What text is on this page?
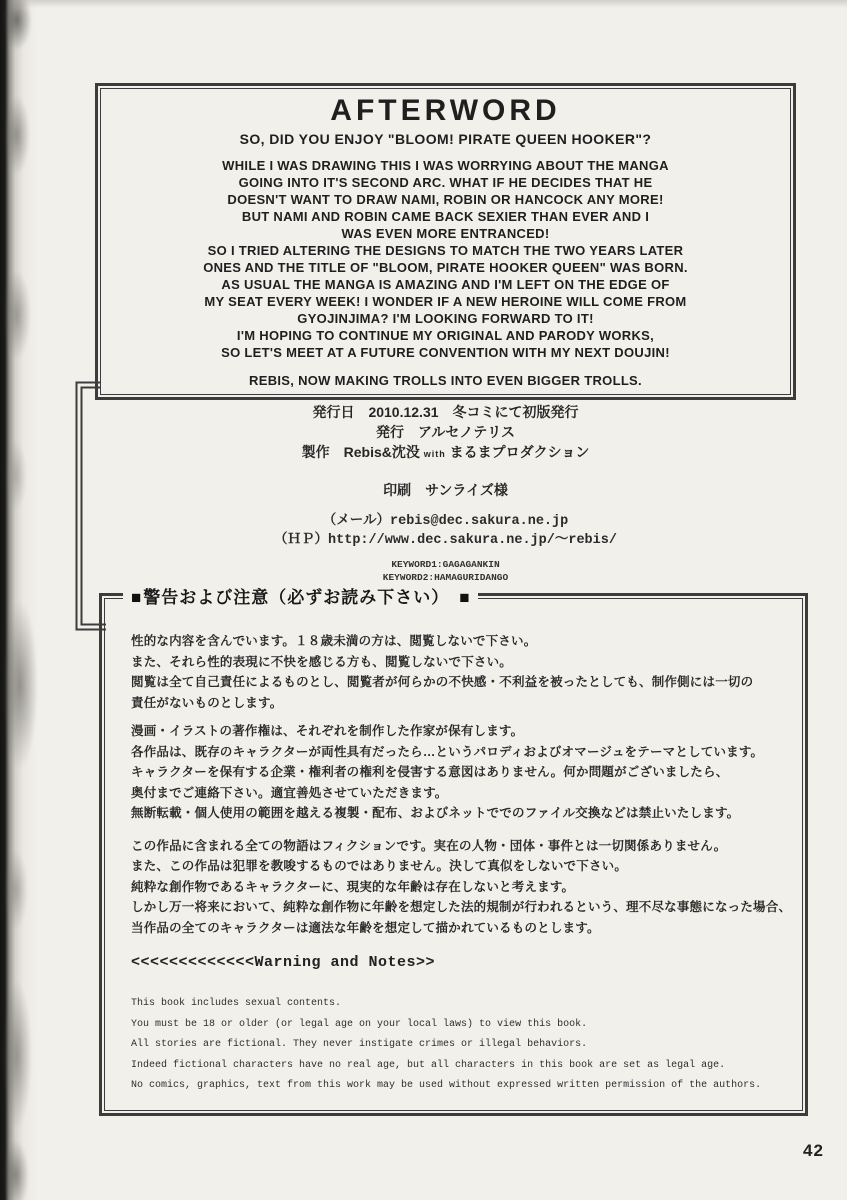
AFTERWORD
SO, DID YOU ENJOY "BLOOM! PIRATE QUEEN HOOKER"?
WHILE I WAS DRAWING THIS I WAS WORRYING ABOUT THE MANGA
GOING INTO IT'S SECOND ARC. WHAT IF HE DECIDES THAT HE
DOESN'T WANT TO DRAW NAMI, ROBIN OR HANCOCK ANY MORE!
BUT NAMI AND ROBIN CAME BACK SEXIER THAN EVER AND I
WAS EVEN MORE ENTRANCED!
SO I TRIED ALTERING THE DESIGNS TO MATCH THE TWO YEARS LATER
ONES AND THE TITLE OF "BLOOM, PIRATE HOOKER QUEEN" WAS BORN.
AS USUAL THE MANGA IS AMAZING AND I'M LEFT ON THE EDGE OF
MY SEAT EVERY WEEK! I WONDER IF A NEW HEROINE WILL COME FROM
GYOJINJIMA? I'M LOOKING FORWARD TO IT!
I'M HOPING TO CONTINUE MY ORIGINAL AND PARODY WORKS,
SO LET'S MEET AT A FUTURE CONVENTION WITH MY NEXT DOUJIN!
REBIS, NOW MAKING TROLLS INTO EVEN BIGGER TROLLS.
発行日　2010.12.31　冬コミにて初版発行
発行　アルセノテリス
製作　Rebis&沈没 with まるまプロダクション
印刷　サンライズ様
（メール）rebis@dec.sakura.ne.jp
（ＨＰ）http://www.dec.sakura.ne.jp/～rebis/
KEYWORD1:GAGAGANKIN
KEYWORD2:HAMAGURIDANGO
■ 警告および注意（必ずお読み下さい） ■
性的な内容を含んでいます。１８歳未満の方は、閲覧しないで下さい。
また、それら性的表現に不快を感じる方も、閲覧しないで下さい。
閲覧は全て自己責任によるものとし、閲覧者が何らかの不快感・不利益を被ったとしても、制作側には一切の
責任がないものとします。
漫画・イラストの著作権は、それぞれを制作した作家が保有します。
各作品は、既存のキャラクターが両性具有だったら…というパロディおよびオマージュをテーマとしています。
キャラクターを保有する企業・権利者の権利を侵害する意図はありません。何か問題がございましたら、
奥付までご連絡下さい。適宜善処させていただきます。
無断転載・個人使用の範囲を越える複製・配布、およびネットででのファイル交換などは禁止いたします。
この作品に含まれる全ての物語はフィクションです。実在の人物・団体・事件とは一切関係ありません。
また、この作品は犯罪を教唆するものではありません。決して真似をしないで下さい。
純粋な創作物であるキャラクターに、現実的な年齢は存在しないと考えます。
しかし万一将来において、純粋な創作物に年齢を想定した法的規制が行われるという、理不尽な事態になった場合、
当作品の全てのキャラクターは適法な年齢を想定して描かれているものとします。
<<<<<<<<<<<<<Warning and Notes>>
This book includes sexual contents.
You must be 18 or older (or legal age on your local laws) to view this book.
All stories are fictional. They never instigate crimes or illegal behaviors.
Indeed fictional characters have no real age, but all characters in this book are set as legal age.
No comics, graphics, text from this work may be used without expressed written permission of the authors.
42
